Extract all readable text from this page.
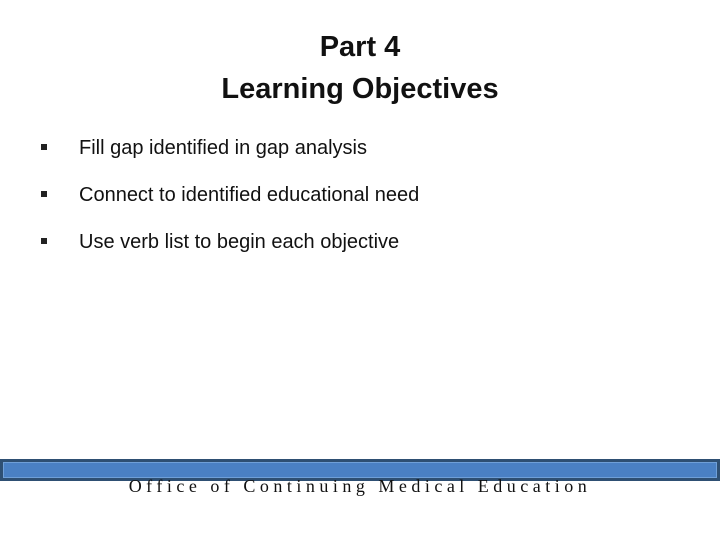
Part 4
Learning Objectives
Fill gap identified in gap analysis
Connect to identified educational need
Use verb list to begin each objective
Office of Continuing Medical Education
